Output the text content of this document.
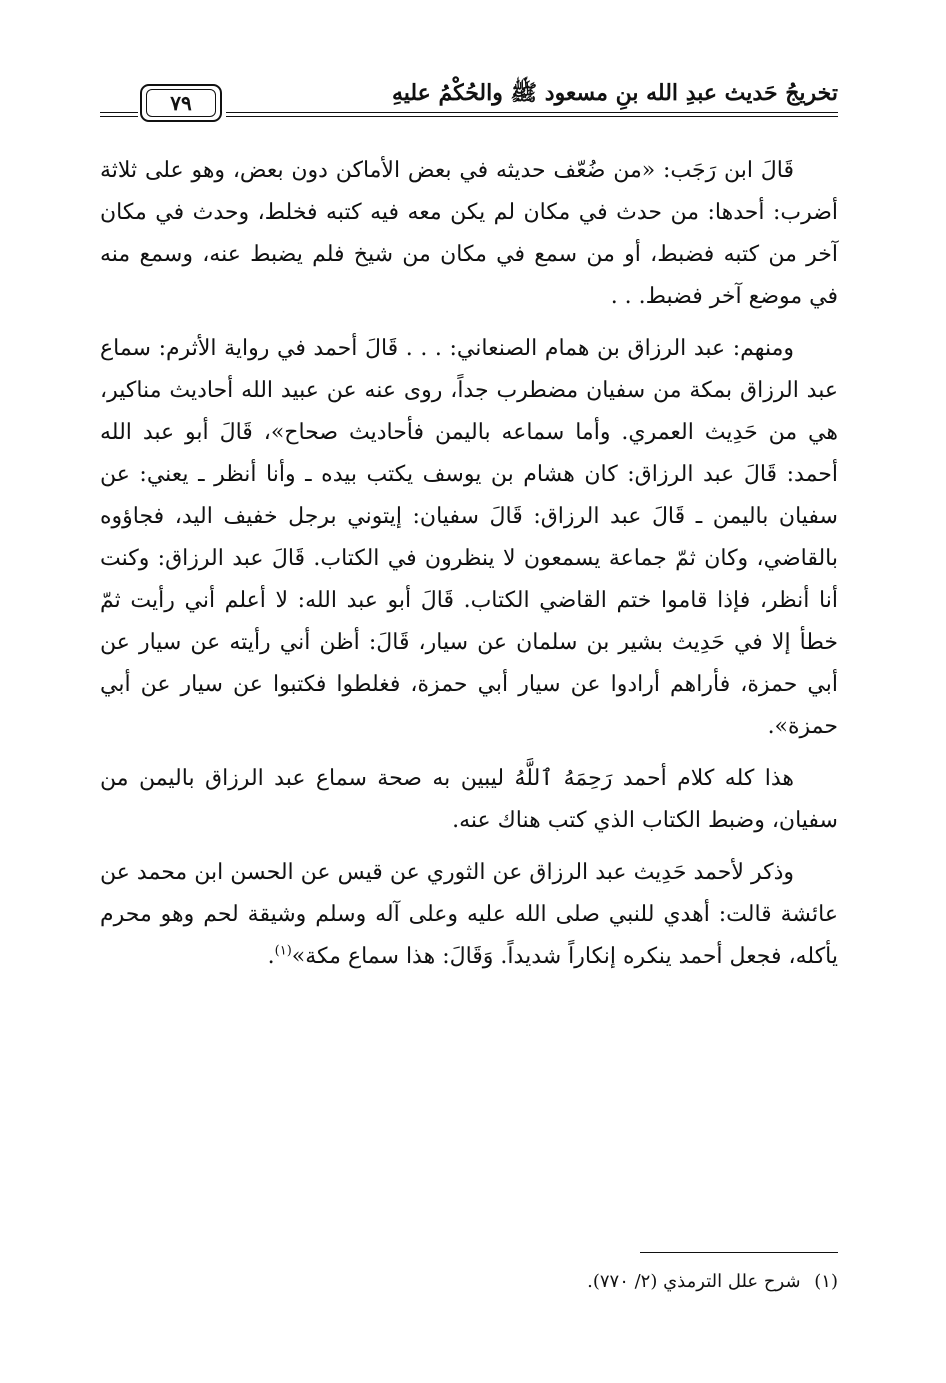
تخريجُ حَديث عبدِ الله بنِ مسعود ﷺ والحُكْمُ عليهِ
٧٩

قَالَ ابن رَجَب: «من ضُعّف حديثه في بعض الأماكن دون بعض، وهو على ثلاثة أضرب: أحدها: من حدث في مكان لم يكن معه فيه كتبه فخلط، وحدث في مكان آخر من كتبه فضبط، أو من سمع في مكان من شيخ فلم يضبط عنه، وسمع منه في موضع آخر فضبط. . .

ومنهم: عبد الرزاق بن همام الصنعاني: . . . قَالَ أحمد في رواية الأثرم: سماع عبد الرزاق بمكة من سفيان مضطرب جداً، روى عنه عن عبيد الله أحاديث مناكير، هي من حَدِيث العمري. وأما سماعه باليمن فأحاديث صحاح»، قَالَ أبو عبد الله أحمد: قَالَ عبد الرزاق: كان هشام بن يوسف يكتب بيده ـ وأنا أنظر ـ يعني: عن سفيان باليمن ـ قَالَ عبد الرزاق: قَالَ سفيان: إيتوني برجل خفيف اليد، فجاؤوه بالقاضي، وكان ثمّ جماعة يسمعون لا ينظرون في الكتاب. قَالَ عبد الرزاق: وكنت أنا أنظر، فإذا قاموا ختم القاضي الكتاب. قَالَ أبو عبد الله: لا أعلم أني رأيت ثمّ خطأ إلا في حَدِيث بشير بن سلمان عن سيار، قَالَ: أظن أني رأيته عن سيار عن أبي حمزة، فأراهم أرادوا عن سيار أبي حمزة، فغلطوا فكتبوا عن سيار عن أبي حمزة».

هذا كله كلام أحمد رَحِمَهُ ٱللَّهُ ليبين به صحة سماع عبد الرزاق باليمن من سفيان، وضبط الكتاب الذي كتب هناك عنه.

وذكر لأحمد حَدِيث عبد الرزاق عن الثوري عن قيس عن الحسن ابن محمد عن عائشة قالت: أهدي للنبي صلى الله عليه وعلى آله وسلم وشيقة لحم وهو محرم يأكله، فجعل أحمد ينكره إنكاراً شديداً. وَقَالَ: هذا سماع مكة»$^{(١)}$.

(١) شرح علل الترمذي (٢/ ٧٧٠).
